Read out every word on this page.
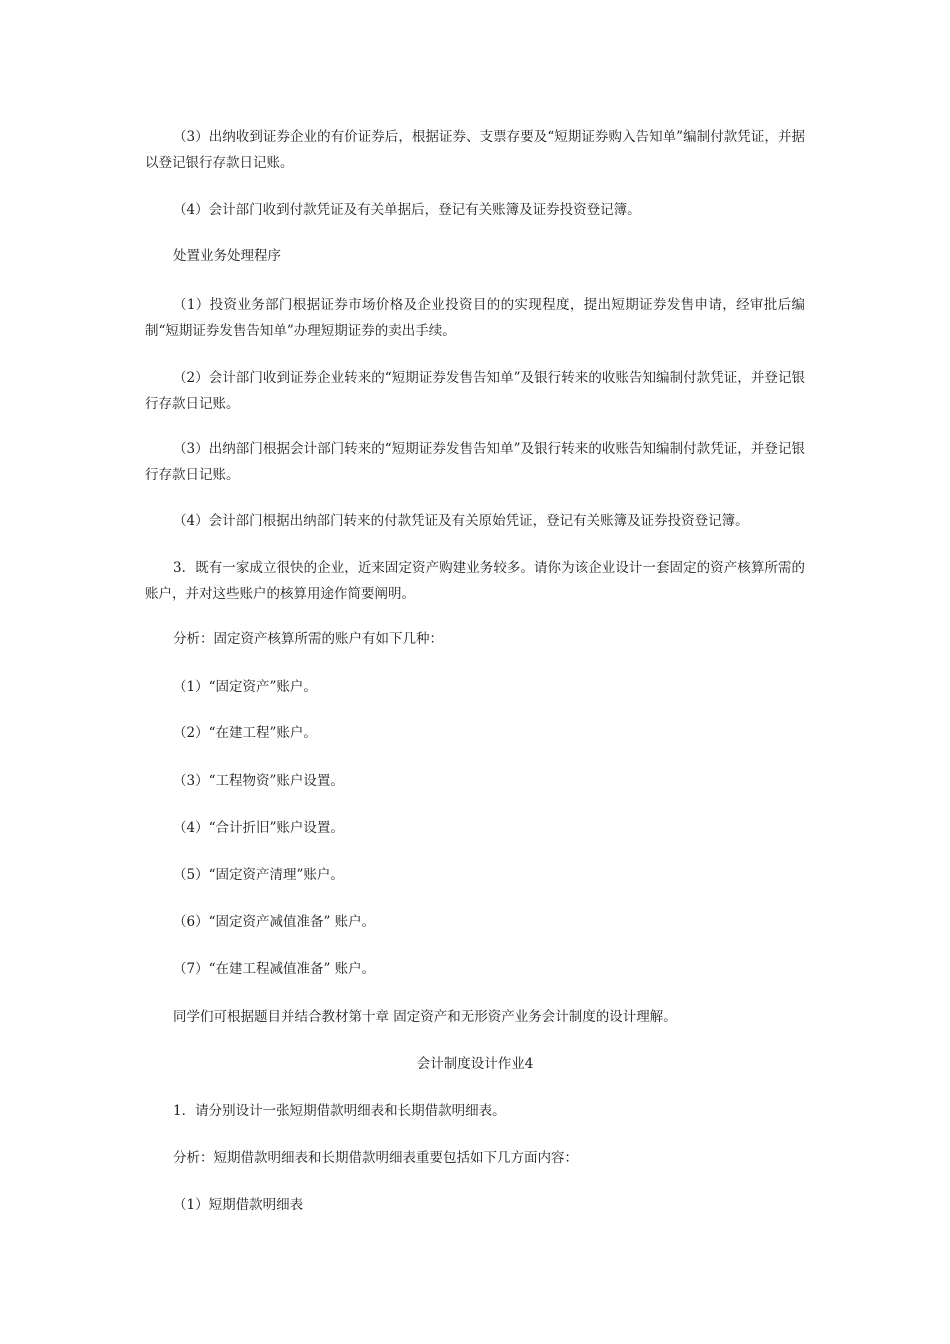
（3）出纳收到证券企业的有价证券后，根据证券、支票存要及“短期证券购入告知单”编制付款凭证，并据以登记银行存款日记账。

（4）会计部门收到付款凭证及有关单据后，登记有关账簿及证券投资登记簿。

处置业务处理程序

（1）投资业务部门根据证券市场价格及企业投资目的的实现程度，提出短期证券发售申请，经审批后编制“短期证券发售告知单”办理短期证券的卖出手续。

（2）会计部门收到证券企业转来的“短期证券发售告知单”及银行转来的收账告知编制付款凭证，并登记银行存款日记账。

（3）出纳部门根据会计部门转来的“短期证券发售告知单”及银行转来的收账告知编制付款凭证，并登记银行存款日记账。

（4）会计部门根据出纳部门转来的付款凭证及有关原始凭证，登记有关账簿及证券投资登记簿。

3．既有一家成立很快的企业，近来固定资产购建业务较多。请你为该企业设计一套固定的资产核算所需的账户，并对这些账户的核算用途作简要阐明。

分析：固定资产核算所需的账户有如下几种：

（1）“固定资产”账户。

（2）“在建工程”账户。

（3）“工程物资”账户设置。

（4）“合计折旧”账户设置。

（5）“固定资产清理”账户。

（6）“固定资产减值准备” 账户。

（7）“在建工程减值准备” 账户。

同学们可根据题目并结合教材第十章 固定资产和无形资产业务会计制度的设计理解。

会计制度设计作业4

1．请分别设计一张短期借款明细表和长期借款明细表。

分析：短期借款明细表和长期借款明细表重要包括如下几方面内容：

（1）短期借款明细表
